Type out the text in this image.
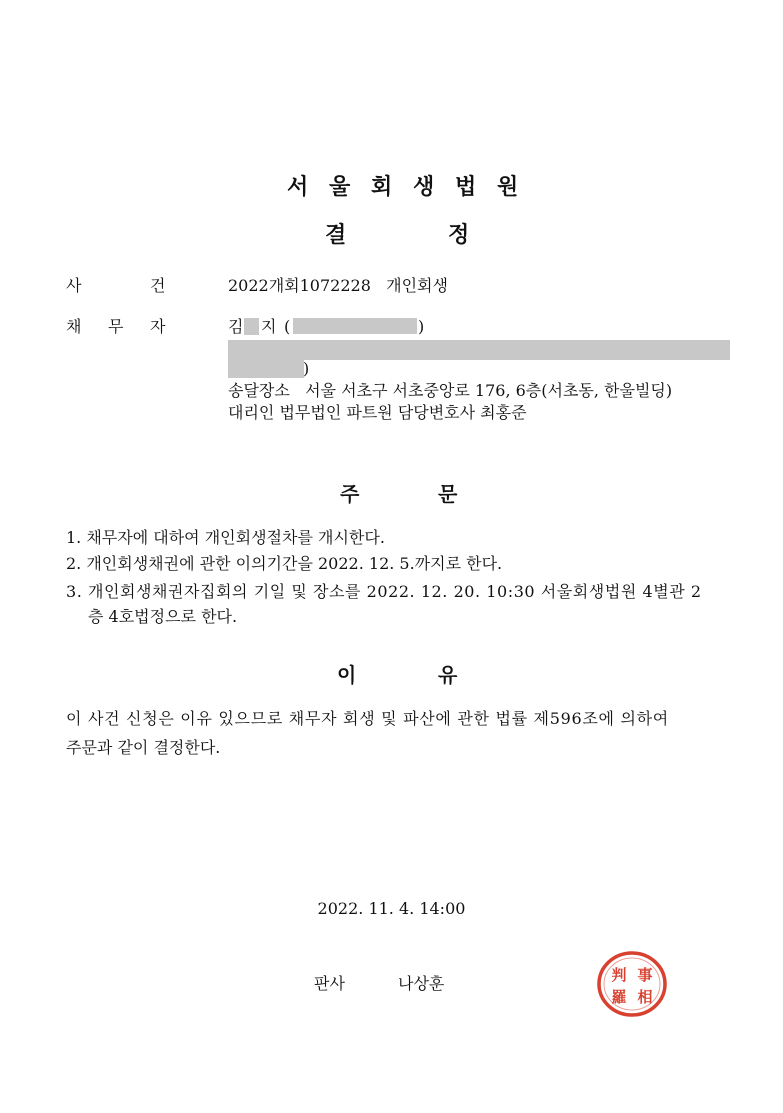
서 울 회 생 법 원
결	정
사	건	2022개회1072228   개인회생
채 무 자	김 지 (	)
)
송달장소   서울 서초구 서초중앙로 176, 6층(서초동, 한울빌딩)
대리인 법무법인 파트원 담당변호사 최홍준
주	문
1. 채무자에 대하여 개인회생절차를 개시한다.
2. 개인회생채권에 관한 이의기간을 2022. 12. 5.까지로 한다.
3. 개인회생채권자집회의 기일 및 장소를 2022. 12. 20. 10:30 서울회생법원 4별관 2
층 4호법정으로 한다.
이	유
이 사건 신청은 이유 있으므로 채무자 회생 및 파산에 관한 법률 제596조에 의하여
주문과 같이 결정한다.
2022. 11. 4. 14:00
판사	나상훈	判 事
羅 相
